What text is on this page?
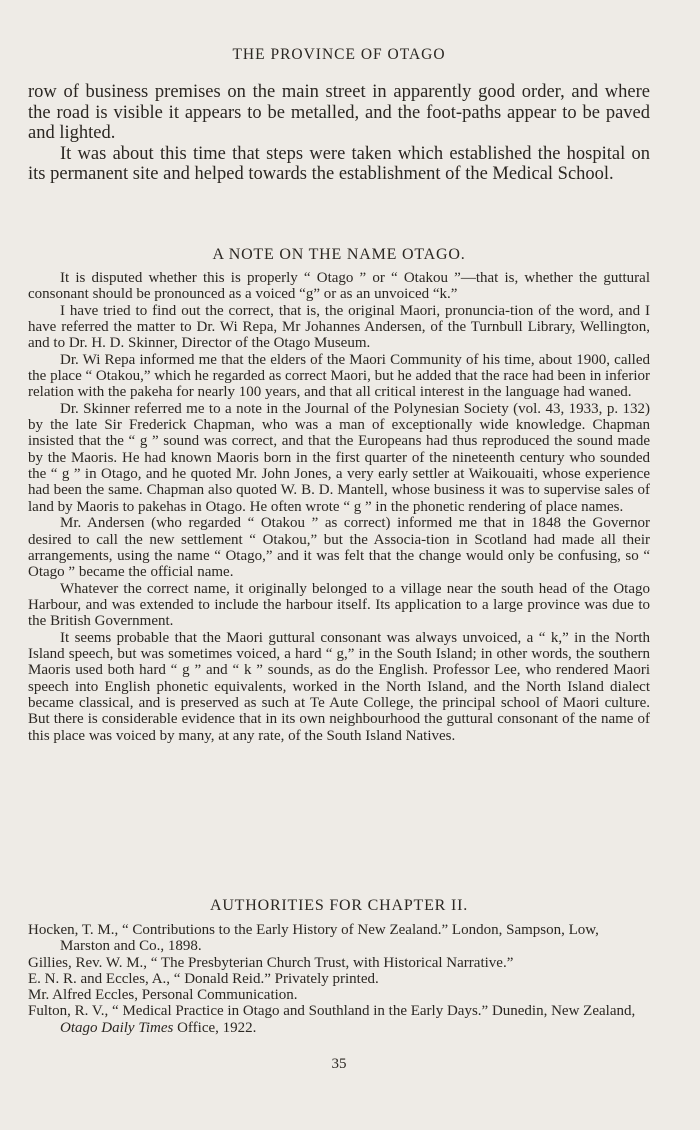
THE PROVINCE OF OTAGO

row of business premises on the main street in apparently good order, and where the road is visible it appears to be metalled, and the foot-paths appear to be paved and lighted.

It was about this time that steps were taken which established the hospital on its permanent site and helped towards the establishment of the Medical School.

A NOTE ON THE NAME OTAGO.

It is disputed whether this is properly “ Otago ” or “ Otakou ”—that is, whether the guttural consonant should be pronounced as a voiced “g” or as an unvoiced “k.”

I have tried to find out the correct, that is, the original Maori, pronuncia-tion of the word, and I have referred the matter to Dr. Wi Repa, Mr Johannes Andersen, of the Turnbull Library, Wellington, and to Dr. H. D. Skinner, Director of the Otago Museum.

Dr. Wi Repa informed me that the elders of the Maori Community of his time, about 1900, called the place “ Otakou,” which he regarded as correct Maori, but he added that the race had been in inferior relation with the pakeha for nearly 100 years, and that all critical interest in the language had waned.

Dr. Skinner referred me to a note in the Journal of the Polynesian Society (vol. 43, 1933, p. 132) by the late Sir Frederick Chapman, who was a man of exceptionally wide knowledge. Chapman insisted that the “ g ” sound was correct, and that the Europeans had thus reproduced the sound made by the Maoris. He had known Maoris born in the first quarter of the nineteenth century who sounded the “ g ” in Otago, and he quoted Mr. John Jones, a very early settler at Waikouaiti, whose experience had been the same. Chapman also quoted W. B. D. Mantell, whose business it was to supervise sales of land by Maoris to pakehas in Otago. He often wrote “ g ” in the phonetic rendering of place names.

Mr. Andersen (who regarded “ Otakou ” as correct) informed me that in 1848 the Governor desired to call the new settlement “ Otakou,” but the Associa-tion in Scotland had made all their arrangements, using the name “ Otago,” and it was felt that the change would only be confusing, so “ Otago ” became the official name.

Whatever the correct name, it originally belonged to a village near the south head of the Otago Harbour, and was extended to include the harbour itself. Its application to a large province was due to the British Government.

It seems probable that the Maori guttural consonant was always unvoiced, a “ k,” in the North Island speech, but was sometimes voiced, a hard “ g,” in the South Island; in other words, the southern Maoris used both hard “ g ” and “ k ” sounds, as do the English. Professor Lee, who rendered Maori speech into English phonetic equivalents, worked in the North Island, and the North Island dialect became classical, and is preserved as such at Te Aute College, the principal school of Maori culture. But there is considerable evidence that in its own neighbourhood the guttural consonant of the name of this place was voiced by many, at any rate, of the South Island Natives.

AUTHORITIES FOR CHAPTER II.

Hocken, T. M., “ Contributions to the Early History of New Zealand.” London, Sampson, Low, Marston and Co., 1898.

Gillies, Rev. W. M., “ The Presbyterian Church Trust, with Historical Narrative.”

E. N. R. and Eccles, A., “ Donald Reid.” Privately printed.

Mr. Alfred Eccles, Personal Communication.

Fulton, R. V., “ Medical Practice in Otago and Southland in the Early Days.” Dunedin, New Zealand, Otago Daily Times Office, 1922.

35
